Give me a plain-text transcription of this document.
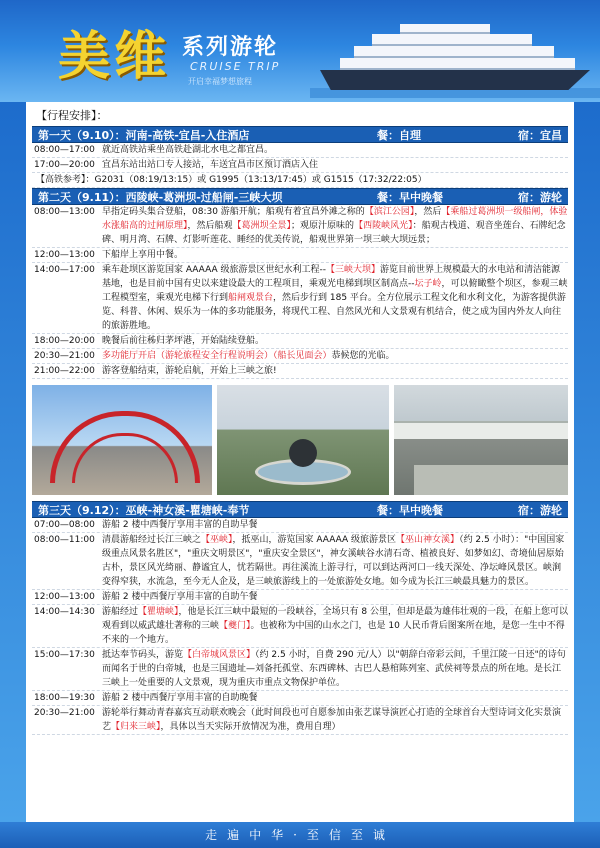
美维 系列游轮
CRUISE TRIP
开启幸福梦想旅程
【行程安排】：
第一天（9.10）：河南-高铁-宜昌-入住酒店	餐：自理	宿：宜昌
08:00—17:00 就近高铁站乘坐高铁赴湖北水电之都宜昌。
17:00—20:00 宜昌东站出站口专人接站，车送宜昌市区预订酒店入住
【高铁参考】：G2031（08:19/13:15）或 G1995（13:13/17:45）或 G1515（17:32/22:05）
第二天（9.11）：西陵峡-葛洲坝-过船闸-三峡大坝	餐：早中晚餐	宿：游轮
08:00—13:00 早指定码头集合登船，08:30 游船开航；船观有着宜昌外滩之称的【滨江公园】，然后【乘船过葛洲坝一级船闸，体验水涨船高的过闸原理】，然后船观【葛洲坝全景】；观原汁原味的【西陵峡风光】：船观古栈道、观音坐莲台、石牌纪念碑、明月湾、石牌、灯影听莲花、睡经的优美传说，船观世界第一坝三峡大坝远景；
12:00—13:00 下船岸上享用中餐。
14:00—17:00 乘车赴坝区游览国家 AAAAA 级旅游景区世纪水利工程--【三峡大坝】游览目前世界上规模最大的水电站和清洁能源基地，也是目前中国有史以来建设最大的工程项目，乘观光电梯到坝区制高点--坛子岭，可以俯瞰整个坝区，参观三峡工程模型室，乘观光电梯下行到船闸观景台，然后步行到 185 平台。全方位展示工程文化和水利文化，为游客提供游览、科普、休闲、娱乐为一体的多功能服务，将现代工程、自然风光和人文景观有机结合，使之成为国内外友人向往的旅游胜地。
18:00—20:00 晚餐后前往秭归茅坪港，开始陆续登船。
20:30—21:00 多功能厅开启（游轮旅程安全行程说明会）（船长见面会）恭候您的光临。
21:00—22:00 游客登船结束，游轮启航，开始上三峡之旅!
第三天（9.12）：巫峡-神女溪-瞿塘峡-奉节	餐：早中晚餐	宿：游轮
07:00—08:00 游船 2 楼中西餐厅享用丰富的自助早餐
08:00—11:00 清晨游船经过长江三峡之【巫峡】，抵巫山，游览国家 AAAAA 级旅游景区【巫山神女溪】（约 2.5 小时）："中国国家级重点风景名胜区"，"重庆文明景区"，"重庆安全景区"，神女溪峡谷水清石奇、植被良好、如梦如幻、奇境仙居原始古朴，景区风光绮丽、静谧宜人，忧若隔世。再往溪流上游寻行，可以到达两河口一线天深处、净坛峰风景区。峡涧变得窄狭，水流急，至今无人企及，是三峡旅游线上的一处旅游处女地。如今成为长江三峡最具魅力的景区。
12:00—13:00 游船 2 楼中西餐厅享用丰富的自助午餐
14:00—14:30 游船经过【瞿塘峡】，他是长江三峡中最短的一段峡谷，全场只有 8 公里，但却是最为雄伟壮观的一段，在船上您可以观看到以威武雄壮著称的三峡【夔门】。也被称为中国的山水之门，也是 10 人民币背后图案所在地，是您一生中不得不来的一个地方。
15:00—17:30 抵达奉节码头，游览【白帝城风景区】（约 2.5 小时，自费 290 元/人）以"朝辞白帝彩云间，千里江陵一日还"的诗句而闻名于世的白帝城，也是三国遗址—刘备托孤堂、东西碑林、古巴人悬棺陈列室、武侯祠等景点的所在地。是长江三峡上一处重要的人文景观，现为重庆市重点文物保护单位。
18:00—19:30 游船 2 楼中西餐厅享用丰富的自助晚餐
20:30—21:00 游轮举行舞动青春嘉宾互动联欢晚会（此时间段也可自愿参加由张艺谋导演匠心打造的全球首台大型诗词文化实景演艺【归来三峡】，具体以当天实际开放情况为准，费用自理）
走遍中华·至信至诚
